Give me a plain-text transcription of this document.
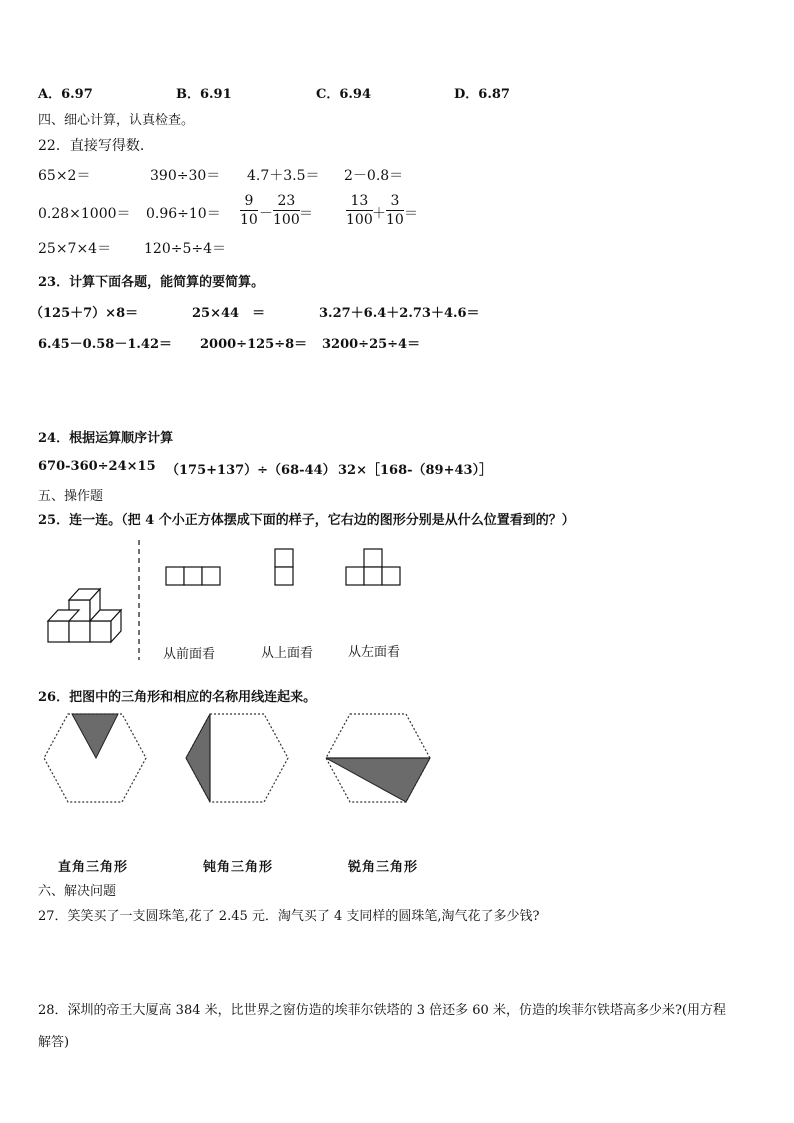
A．6.97	B．6.91	C．6.94	D．6.87
四、细心计算，认真检查。
22．直接写得数.
65×2＝	390÷30＝ 4.7＋3.5＝ 2－0.8＝
0.28×1000＝ 0.96÷10＝
9
10 －
23
100 ＝
13
100 ＋
3
10 ＝
25×7×4＝ 120÷5÷4＝
23．计算下面各题，能简算的要简算。
（125＋7）×8＝	25×44　＝	3.27＋6.4＋2.73＋4.6＝
6.45－0.58－1.42＝ 2000÷125÷8＝ 3200÷25÷4＝
24．根据运算顺序计算
670-360÷24×15 （175+137）÷（68-44） 32×［168-（89+43）］
五、操作题
25．连一连。（把 4 个小正方体摆成下面的样子，它右边的图形分别是从什么位置看到的？）
从前面看	从上面看	从左面看
26．把图中的三角形和相应的名称用线连起来。
直角三角形	钝角三角形	锐角三角形
六、解决问题
27．笑笑买了一支圆珠笔,花了 2.45 元．淘气买了 4 支同样的圆珠笔,淘气花了多少钱?
28．深圳的帝王大厦高 384 米，比世界之窗仿造的埃菲尔铁塔的 3 倍还多 60 米，仿造的埃菲尔铁塔高多少米?(用方程
解答)
